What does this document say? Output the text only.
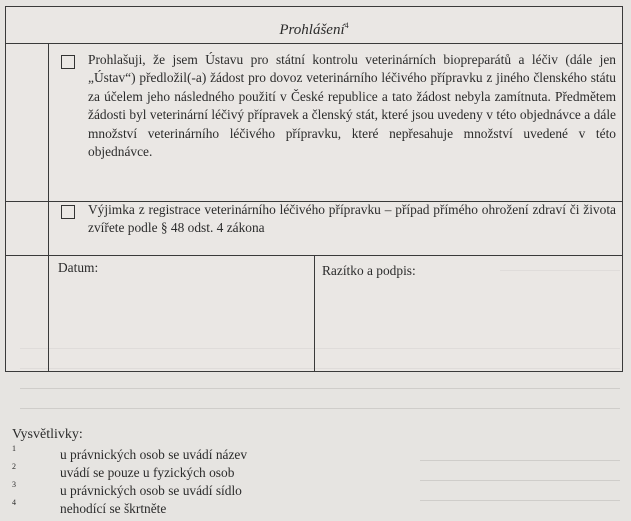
Prohlášení$^4$
Prohlašuji, že jsem Ústavu pro státní kontrolu veterinárních biopreparátů a léčiv (dále jen „Ústav“) předložil(-a) žádost pro dovoz veterinárního léčivého přípravku z jiného členského státu za účelem jeho následného použití v České republice a tato žádost nebyla zamítnuta. Předmětem žádosti byl veterinární léčivý přípravek a členský stát, které jsou uvedeny v této objednávce a dále množství veterinárního léčivého přípravku, které nepřesahuje množství uvedené v této objednávce.
Výjimka z registrace veterinárního léčivého přípravku – případ přímého ohrožení zdraví či života zvířete podle § 48 odst. 4 zákona
Datum:	Razítko a podpis:
Vysvětlivky:
1	u právnických osob se uvádí název
2	uvádí se pouze u fyzických osob
3	u právnických osob se uvádí sídlo
4	nehodící se škrtněte
